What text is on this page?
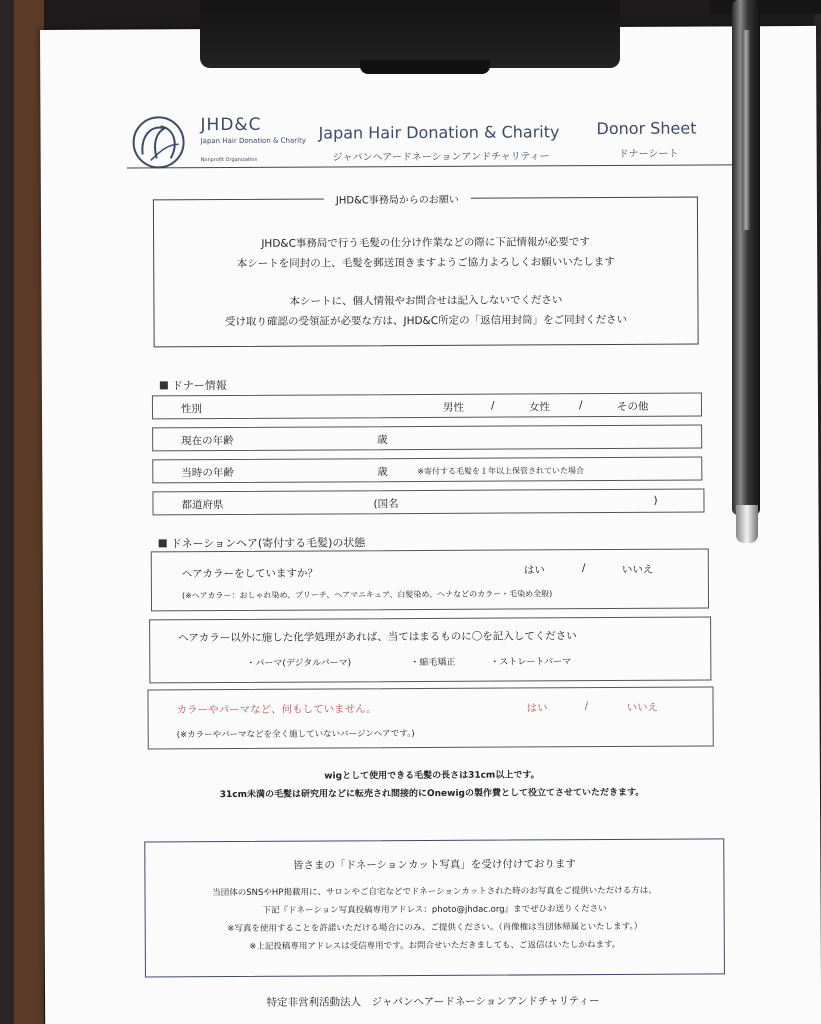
JHD&C
Japan Hair Donation & Charity
Nonprofit Organization
Japan Hair Donation & Charity
ジャパンヘアードネーションアンドチャリティー
Donor Sheet
ドナーシート
JHD&C事務局からのお願い
JHD&C事務局で行う毛髪の仕分け作業などの際に下記情報が必要です
本シートを同封の上、毛髪を郵送頂きますようご協力よろしくお願いいたします
本シートに、個人情報やお問合せは記入しないでください
受け取り確認の受領証が必要な方は、JHD&C所定の「返信用封筒」をご同封ください
ドナー情報
性別	男性	/	女性	/	その他
現在の年齢	歳
当時の年齢	歳	※寄付する毛髪を１年以上保管されていた場合
都道府県	(国名	)
ドネーションヘア(寄付する毛髪)の状態
ヘアカラーをしていますか？	はい	/	いいえ
(※ヘアカラー：おしゃれ染め、ブリーチ、ヘアマニキュア、白髪染め、ヘナなどのカラー・毛染め全般)
ヘアカラー以外に施した化学処理があれば、当てはまるものに〇を記入してください
・パーマ(デジタルパーマ)	・縮毛矯正	・ストレートパーマ
カラーやパーマなど、何もしていません。	はい	/	いいえ
(※カラーやパーマなどを全く施していないバージンヘアです。)
wigとして使用できる毛髪の長さは31cm以上です。
31cm未満の毛髪は研究用などに転売され間接的にOnewigの製作費として役立てさせていただきます。
皆さまの「ドネーションカット写真」を受け付けております
当団体のSNSやHP掲載用に、サロンやご自宅などでドネーションカットされた時のお写真をご提供いただける方は、
下記『ドネーション写真投稿専用アドレス：photo@jhdac.org』までぜひお送りください
※写真を使用することを許諾いただける場合にのみ、ご提供ください。（肖像権は当団体帰属といたします。）
※上記投稿専用アドレスは受信専用です。お問合せいただきましても、ご返信はいたしかねます。
特定非営利活動法人　ジャパンヘアードネーションアンドチャリティー
